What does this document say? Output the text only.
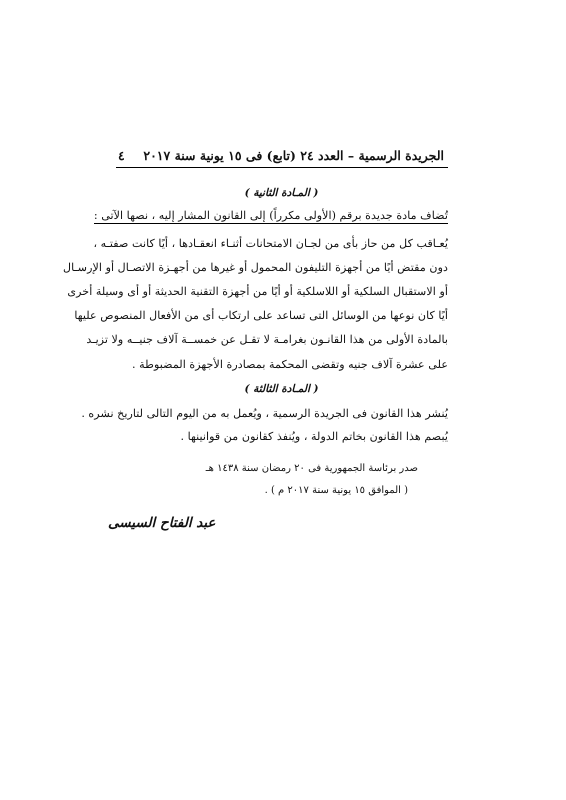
الجريدة الرسمية – العدد ٢٤ (تابع) فى ١٥ يونية سنة ٢٠١٧
٤
( المـادة الثانية )
تُضاف مادة جديدة برقم (الأولى مكرراً) إلى القانون المشار إليه ، نصها الآتى :
يُعـاقب كل من حاز بأى من لجـان الامتحانات أثنـاء انعقـادها ، أيًا كانت صفتـه ،
دون مقتض أيًا من أجهزة التليفون المحمول أو غيرها من أجهـزة الاتصـال أو الإرسـال
أو الاستقبال السلكية أو اللاسلكية أو أيًا من أجهزة التقنية الحديثة أو أى وسيلة أخرى
أيًا كان نوعها من الوسائل التى تساعد على ارتكاب أى من الأفعال المنصوص عليها
بالمادة الأولى من هذا القانـون بغرامـة لا تقـل عن خمســة آلاف جنيــه ولا تزيـد
على عشرة آلاف جنيه وتقضى المحكمة بمصادرة الأجهزة المضبوطة .
( المـادة الثالثة )
يُنشر هذا القانون فى الجريدة الرسمية ، ويُعمل به من اليوم التالى لتاريخ نشره .
يُبصم هذا القانون بخاتم الدولة ، ويُنفذ كقانون من قوانينها .
صدر برئاسة الجمهورية فى ٢٠ رمضان سنة ١٤٣٨ هـ
( الموافق ١٥ يونية سنة ٢٠١٧ م ) .
عبد الفتاح السيسى
